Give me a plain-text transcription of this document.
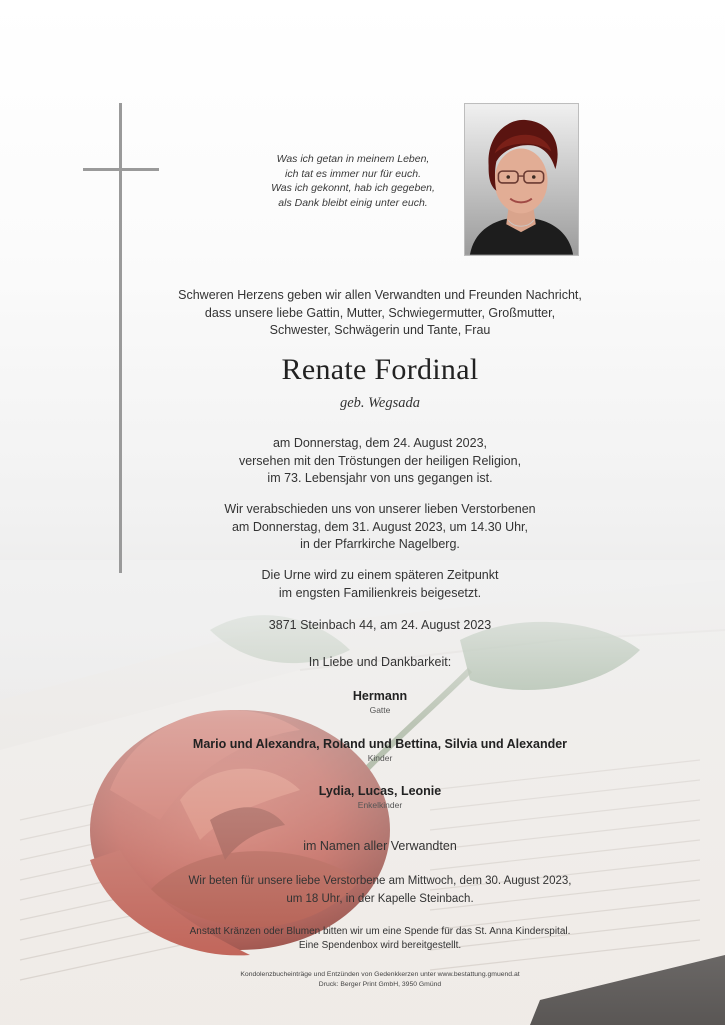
Was ich getan in meinem Leben,
ich tat es immer nur für euch.
Was ich gekonnt, hab ich gegeben,
als Dank bleibt einig unter euch.
Schweren Herzens geben wir allen Verwandten und Freunden Nachricht,
dass unsere liebe Gattin, Mutter, Schwiegermutter, Großmutter,
Schwester, Schwägerin und Tante, Frau
Renate Fordinal
geb. Wegsada
am Donnerstag, dem 24. August 2023,
versehen mit den Tröstungen der heiligen Religion,
im 73. Lebensjahr von uns gegangen ist.
Wir verabschieden uns von unserer lieben Verstorbenen
am Donnerstag, dem 31. August 2023, um 14.30 Uhr,
in der Pfarrkirche Nagelberg.
Die Urne wird zu einem späteren Zeitpunkt
im engsten Familienkreis beigesetzt.
3871 Steinbach 44, am 24. August 2023
In Liebe und Dankbarkeit:
Hermann
Gatte
Mario und Alexandra, Roland und Bettina, Silvia und Alexander
Kinder
Lydia, Lucas, Leonie
Enkelkinder
im Namen aller Verwandten
Wir beten für unsere liebe Verstorbene am Mittwoch, dem 30. August 2023,
um 18 Uhr, in der Kapelle Steinbach.
Anstatt Kränzen oder Blumen bitten wir um eine Spende für das St. Anna Kinderspital.
Eine Spendenbox wird bereitgestellt.
Kondolenzbucheinträge und Entzünden von Gedenkkerzen unter www.bestattung.gmuend.at
Druck: Berger Print GmbH, 3950 Gmünd
